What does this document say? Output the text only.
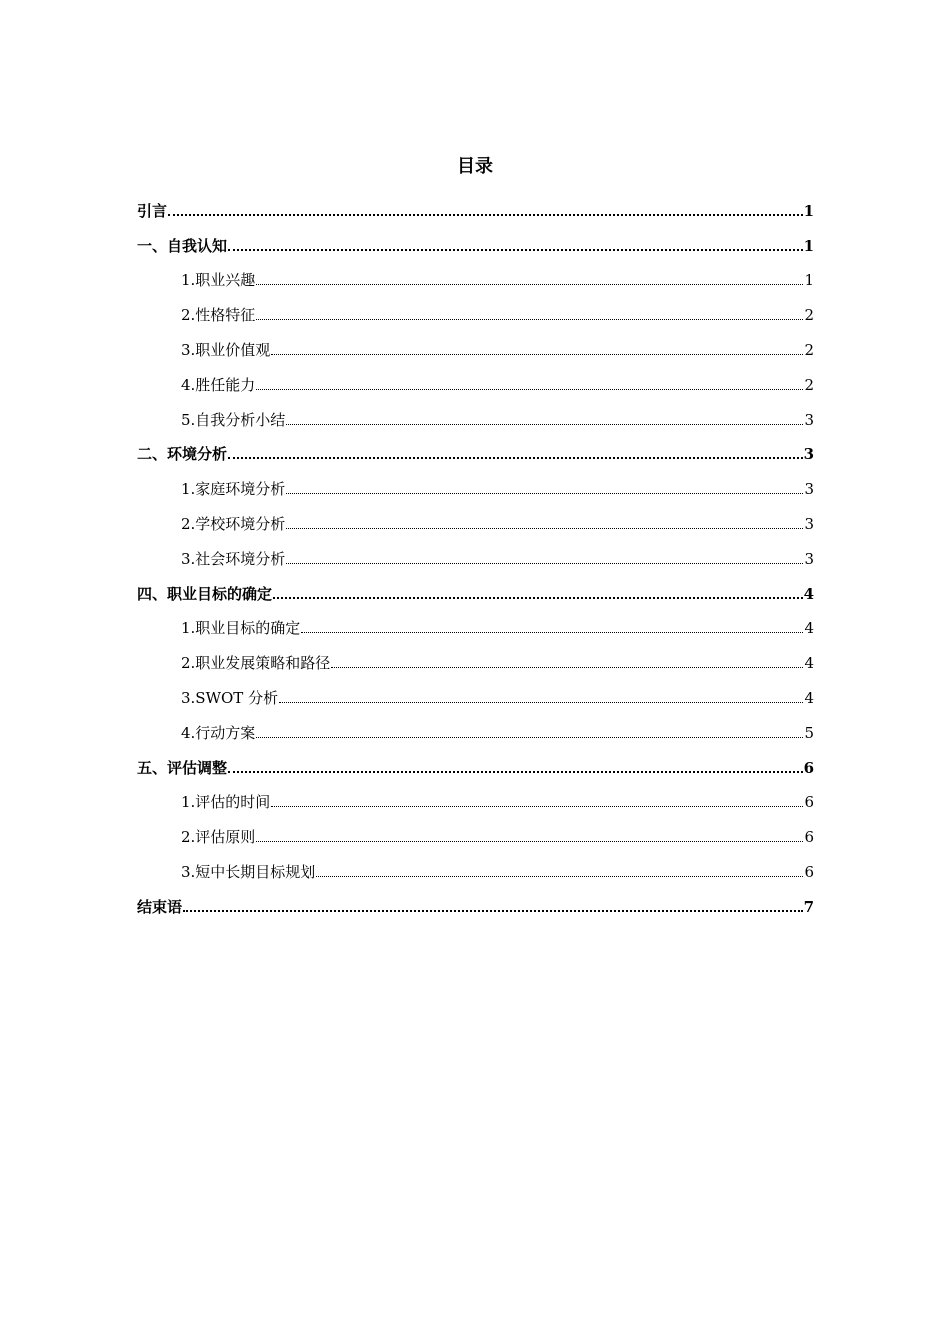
目录
引言	1
一、自我认知	1
1.职业兴趣	1
2.性格特征	2
3.职业价值观	2
4.胜任能力	2
5.自我分析小结	3
二、环境分析	3
1.家庭环境分析	3
2.学校环境分析	3
3.社会环境分析	3
四、职业目标的确定	4
1.职业目标的确定	4
2.职业发展策略和路径	4
3.SWOT 分析	4
4.行动方案	5
五、评估调整	6
1.评估的时间	6
2.评估原则	6
3.短中长期目标规划	6
结束语	7
